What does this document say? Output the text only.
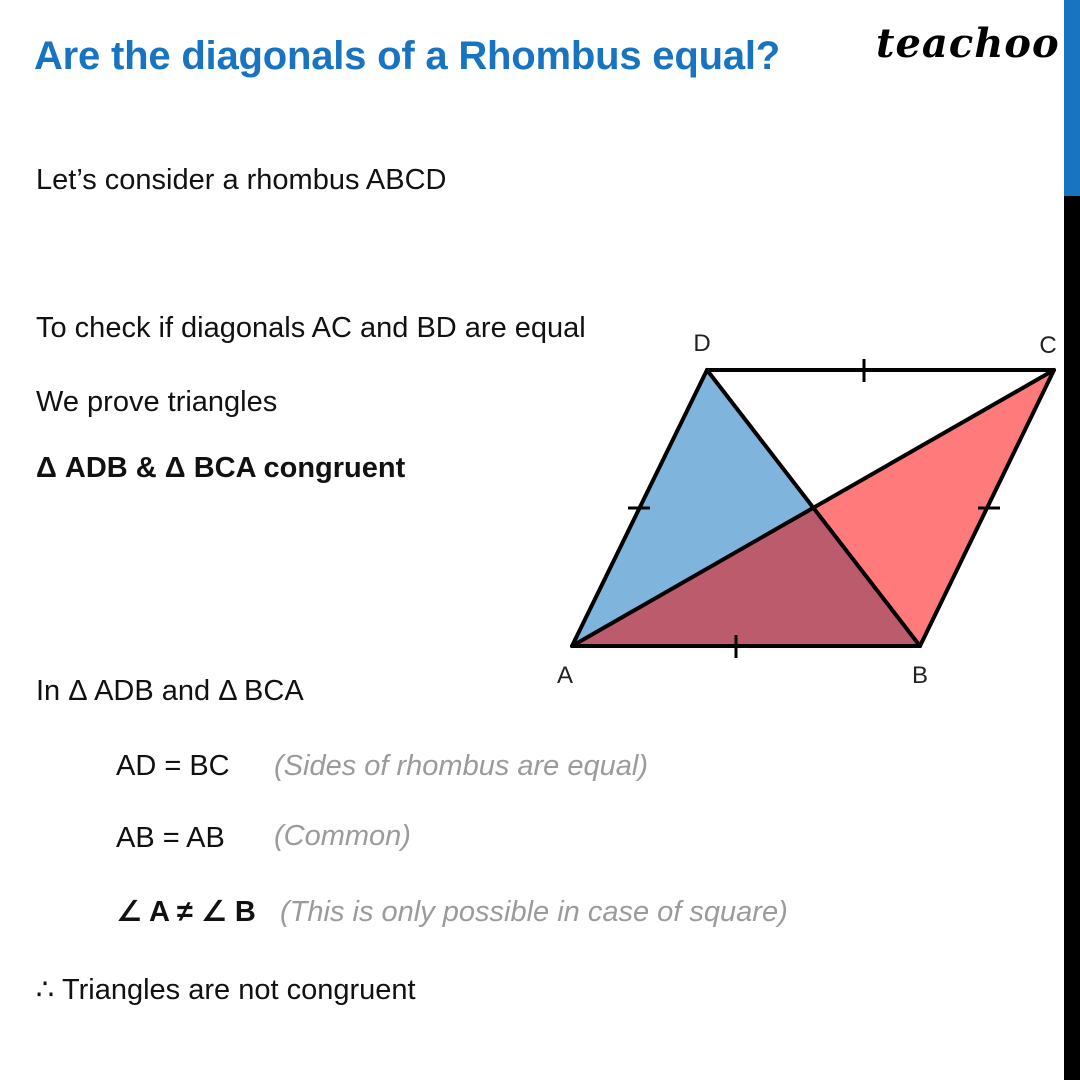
Are the diagonals of a Rhombus equal? teachoo
Let’s consider a rhombus ABCD
To check if diagonals AC and BD are equal
We prove triangles
Δ ADB & Δ BCA congruent
A	B
C
D
In Δ ADB and Δ BCA
AD = BC (Sides of rhombus are equal)
AB = AB (Common)
∠ A ≠ ∠ B (This is only possible in case of square)
∴ Triangles are not congruent
